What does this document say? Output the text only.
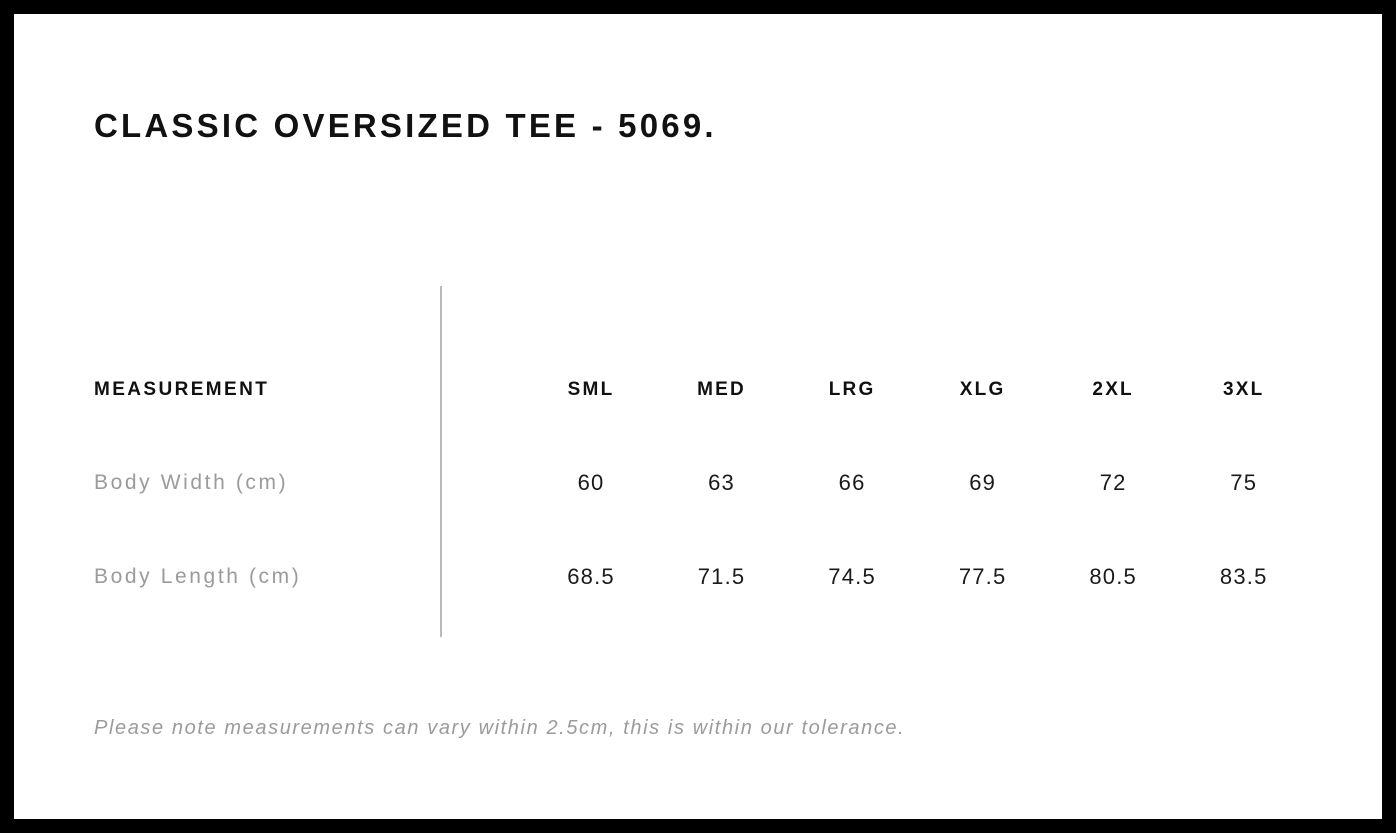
CLASSIC OVERSIZED TEE - 5069.
MEASUREMENT	SML	MED	LRG	XLG	2XL	3XL
Body Width (cm)	60	63	66	69	72	75
Body Length (cm)	68.5	71.5	74.5	77.5	80.5	83.5
Please note measurements can vary within 2.5cm, this is within our tolerance.
